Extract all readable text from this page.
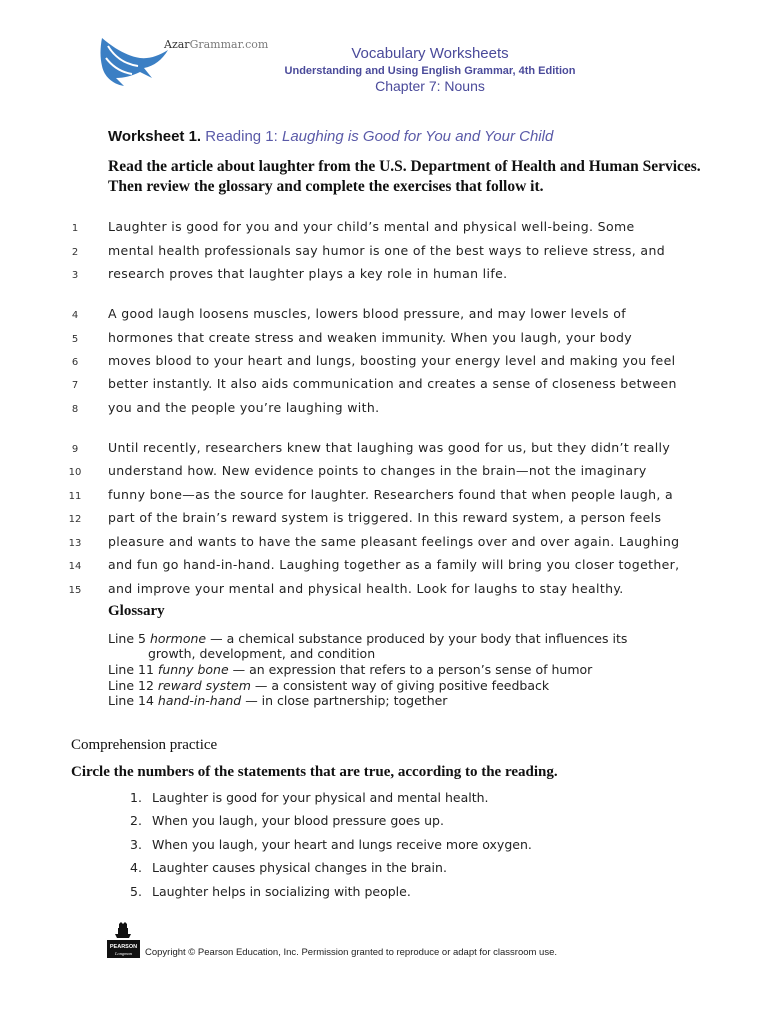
AzarGrammar.com
Vocabulary Worksheets
Understanding and Using English Grammar, 4th Edition
Chapter 7: Nouns
Worksheet 1. Reading 1: Laughing is Good for You and Your Child
Read the article about laughter from the U.S. Department of Health and Human Services. Then review the glossary and complete the exercises that follow it.
1	Laughter is good for you and your child’s mental and physical well-being. Some
2	mental health professionals say humor is one of the best ways to relieve stress, and
3	research proves that laughter plays a key role in human life.
4	A good laugh loosens muscles, lowers blood pressure, and may lower levels of
5	hormones that create stress and weaken immunity. When you laugh, your body
6	moves blood to your heart and lungs, boosting your energy level and making you feel
7	better instantly. It also aids communication and creates a sense of closeness between
8	you and the people you’re laughing with.
9	Until recently, researchers knew that laughing was good for us, but they didn’t really
10	understand how. New evidence points to changes in the brain—not the imaginary
11	funny bone—as the source for laughter. Researchers found that when people laugh, a
12	part of the brain’s reward system is triggered. In this reward system, a person feels
13	pleasure and wants to have the same pleasant feelings over and over again. Laughing
14	and fun go hand-in-hand. Laughing together as a family will bring you closer together,
15	and improve your mental and physical health. Look for laughs to stay healthy.
Glossary
Line 5 hormone — a chemical substance produced by your body that influences its
growth, development, and condition
Line 11 funny bone — an expression that refers to a person’s sense of humor
Line 12 reward system — a consistent way of giving positive feedback
Line 14 hand-in-hand — in close partnership; together
Comprehension practice
Circle the numbers of the statements that are true, according to the reading.
1. Laughter is good for your physical and mental health.
2. When you laugh, your blood pressure goes up.
3. When you laugh, your heart and lungs receive more oxygen.
4. Laughter causes physical changes in the brain.
5. Laughter helps in socializing with people.
PEARSON
Longman Copyright © Pearson Education, Inc. Permission granted to reproduce or adapt for classroom use.
